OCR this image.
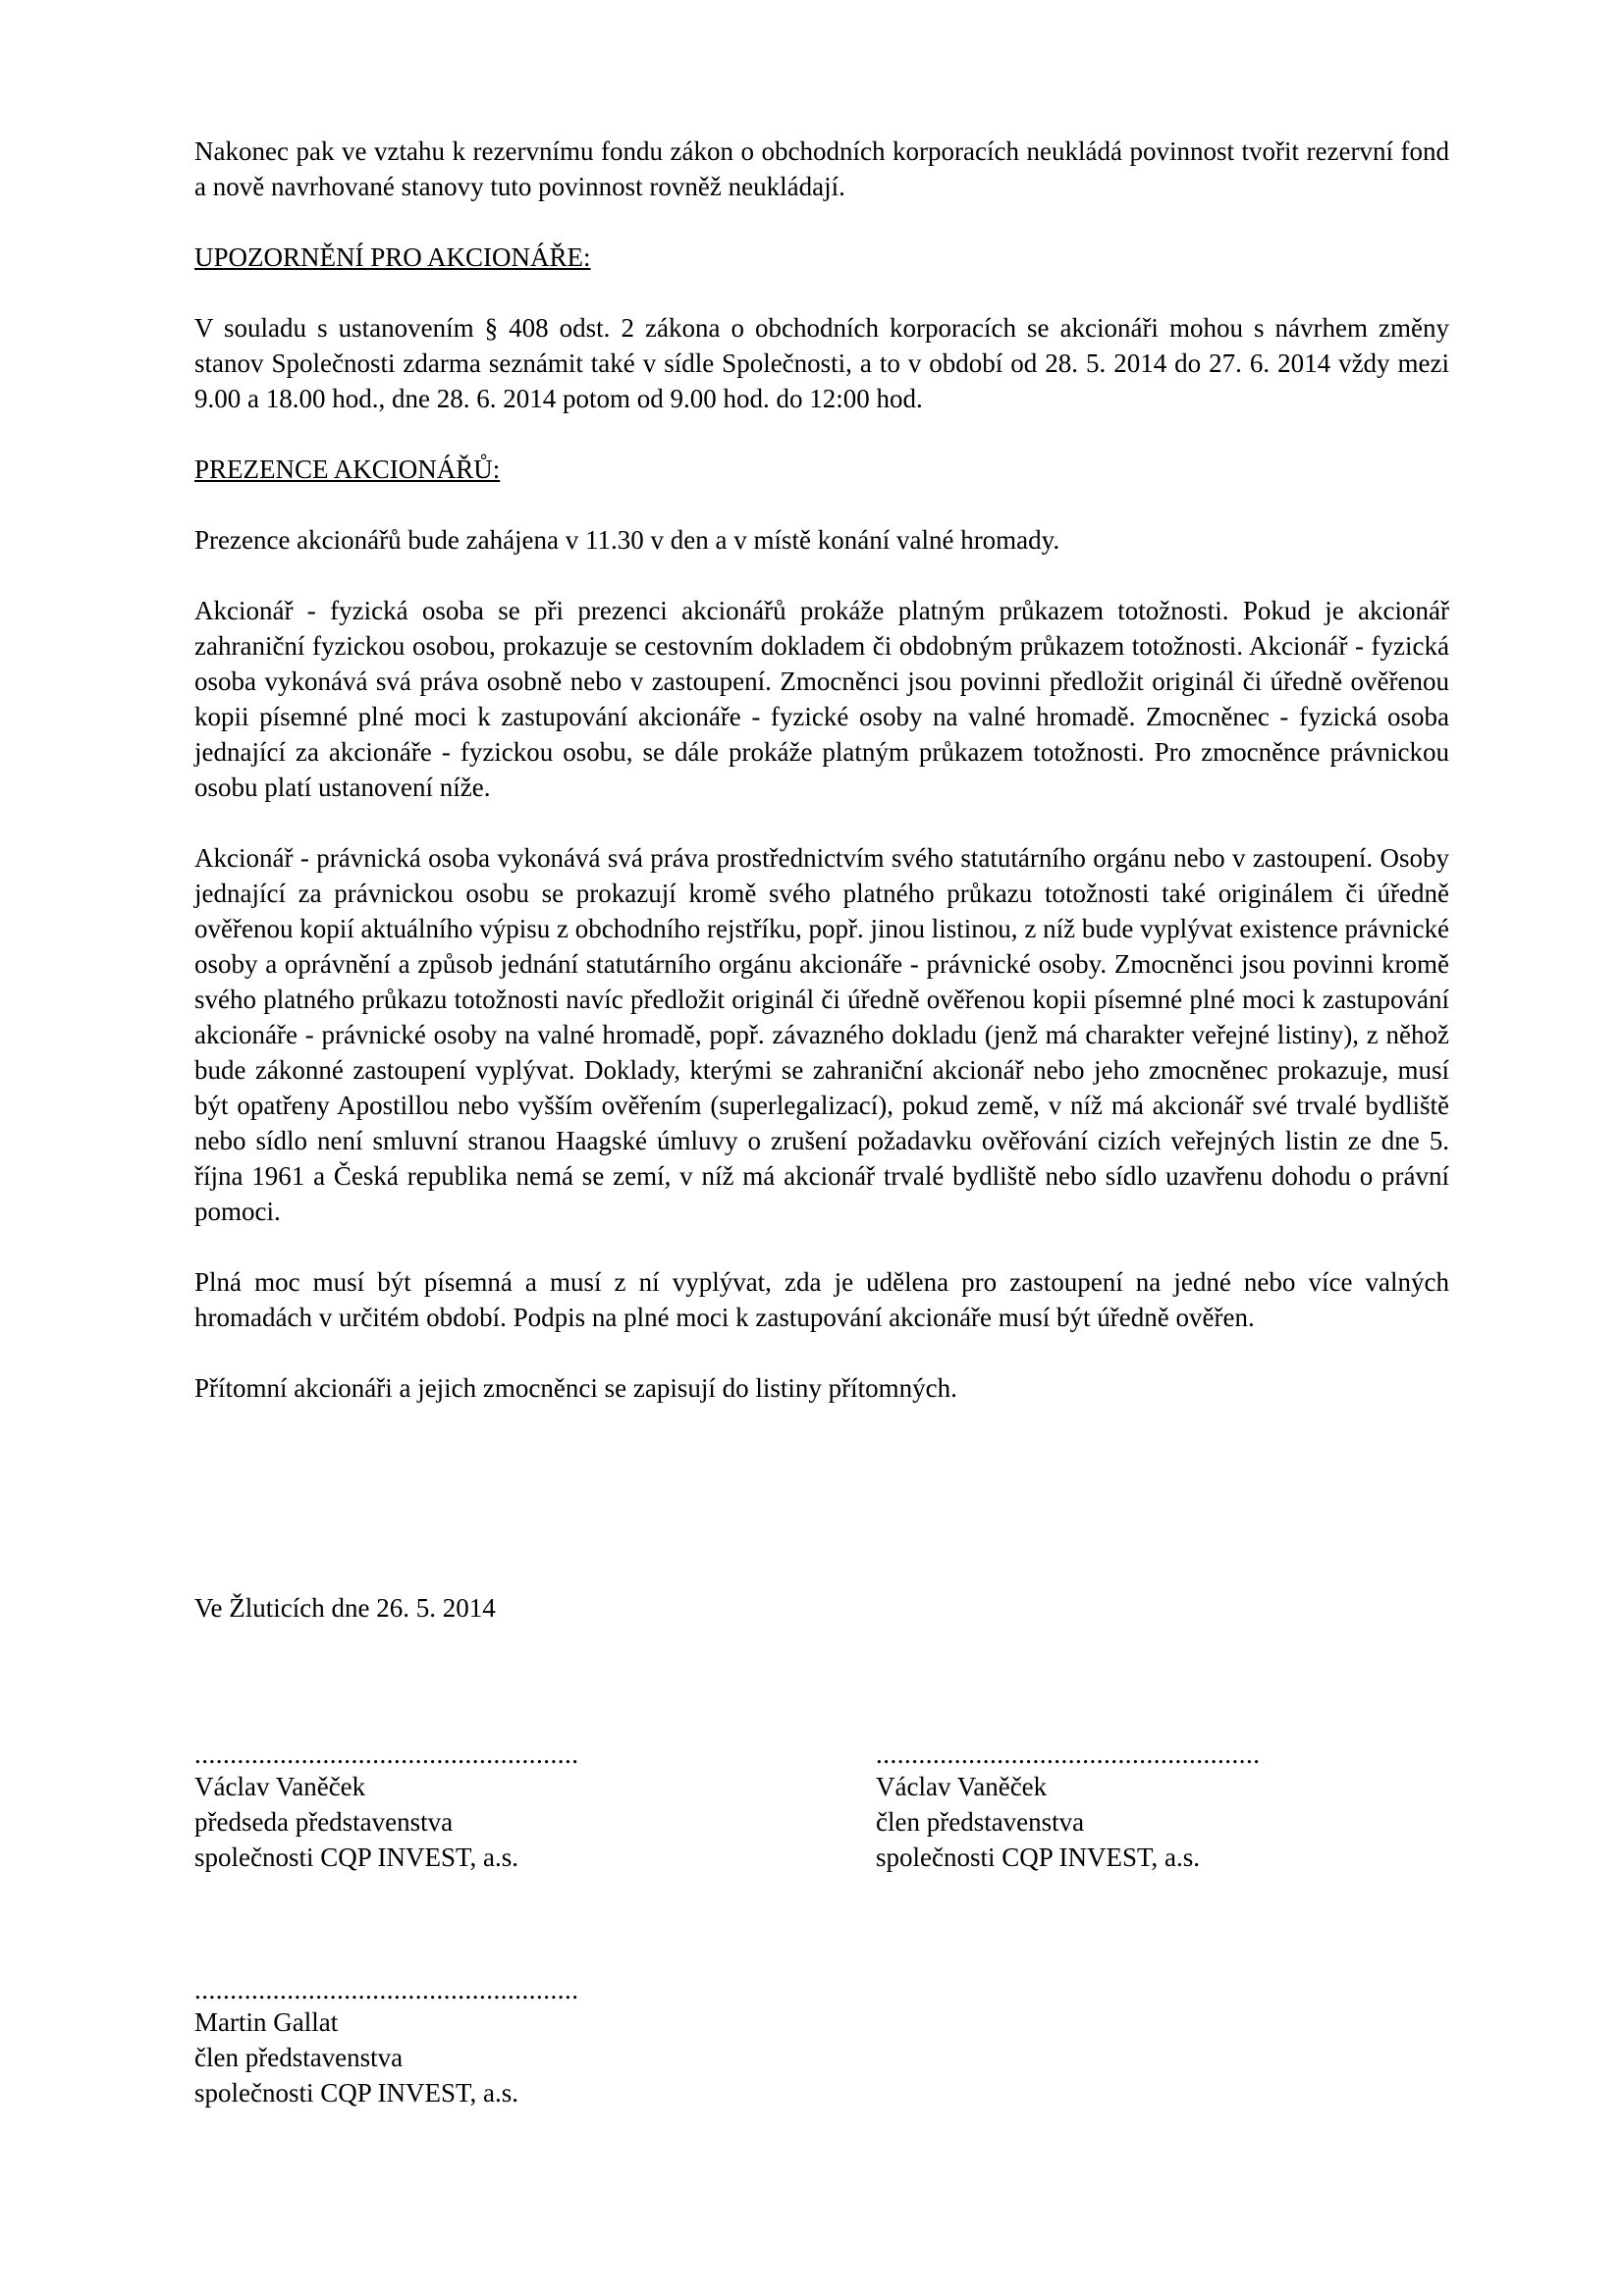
Nakonec pak ve vztahu k rezervnímu fondu zákon o obchodních korporacích neukládá povinnost tvořit rezervní fond a nově navrhované stanovy tuto povinnost rovněž neukládají.

UPOZORNĚNÍ PRO AKCIONÁŘE:

V souladu s ustanovením § 408 odst. 2 zákona o obchodních korporacích se akcionáři mohou s návrhem změny stanov Společnosti zdarma seznámit také v sídle Společnosti, a to v období od 28. 5. 2014 do 27. 6. 2014 vždy mezi 9.00 a 18.00 hod., dne 28. 6. 2014 potom od 9.00 hod. do 12:00 hod.

PREZENCE AKCIONÁŘŮ:

Prezence akcionářů bude zahájena v 11.30 v den a v místě konání valné hromady.

Akcionář - fyzická osoba se při prezenci akcionářů prokáže platným průkazem totožnosti. Pokud je akcionář zahraniční fyzickou osobou, prokazuje se cestovním dokladem či obdobným průkazem totožnosti. Akcionář - fyzická osoba vykonává svá práva osobně nebo v zastoupení. Zmocněnci jsou povinni předložit originál či úředně ověřenou kopii písemné plné moci k zastupování akcionáře - fyzické osoby na valné hromadě. Zmocněnec - fyzická osoba jednající za akcionáře - fyzickou osobu, se dále prokáže platným průkazem totožnosti. Pro zmocněnce právnickou osobu platí ustanovení níže.

Akcionář - právnická osoba vykonává svá práva prostřednictvím svého statutárního orgánu nebo v zastoupení. Osoby jednající za právnickou osobu se prokazují kromě svého platného průkazu totožnosti také originálem či úředně ověřenou kopií aktuálního výpisu z obchodního rejstříku, popř. jinou listinou, z níž bude vyplývat existence právnické osoby a oprávnění a způsob jednání statutárního orgánu akcionáře - právnické osoby. Zmocněnci jsou povinni kromě svého platného průkazu totožnosti navíc předložit originál či úředně ověřenou kopii písemné plné moci k zastupování akcionáře - právnické osoby na valné hromadě, popř. závazného dokladu (jenž má charakter veřejné listiny), z něhož bude zákonné zastoupení vyplývat. Doklady, kterými se zahraniční akcionář nebo jeho zmocněnec prokazuje, musí být opatřeny Apostillou nebo vyšším ověřením (superlegalizací), pokud země, v níž má akcionář své trvalé bydliště nebo sídlo není smluvní stranou Haagské úmluvy o zrušení požadavku ověřování cizích veřejných listin ze dne 5. října 1961 a Česká republika nemá se zemí, v níž má akcionář trvalé bydliště nebo sídlo uzavřenu dohodu o právní pomoci.

Plná moc musí být písemná a musí z ní vyplývat, zda je udělena pro zastoupení na jedné nebo více valných hromadách v určitém období. Podpis na plné moci k zastupování akcionáře musí být úředně ověřen.

Přítomní akcionáři a jejich zmocněnci se zapisují do listiny přítomných.

Ve Žluticích dne 26. 5. 2014
......................................................
Václav Vaněček
předseda představenstva
společnosti CQP INVEST, a.s.
......................................................
Václav Vaněček
člen představenstva
společnosti CQP INVEST, a.s.
......................................................
Martin Gallat
člen představenstva
společnosti CQP INVEST, a.s.
